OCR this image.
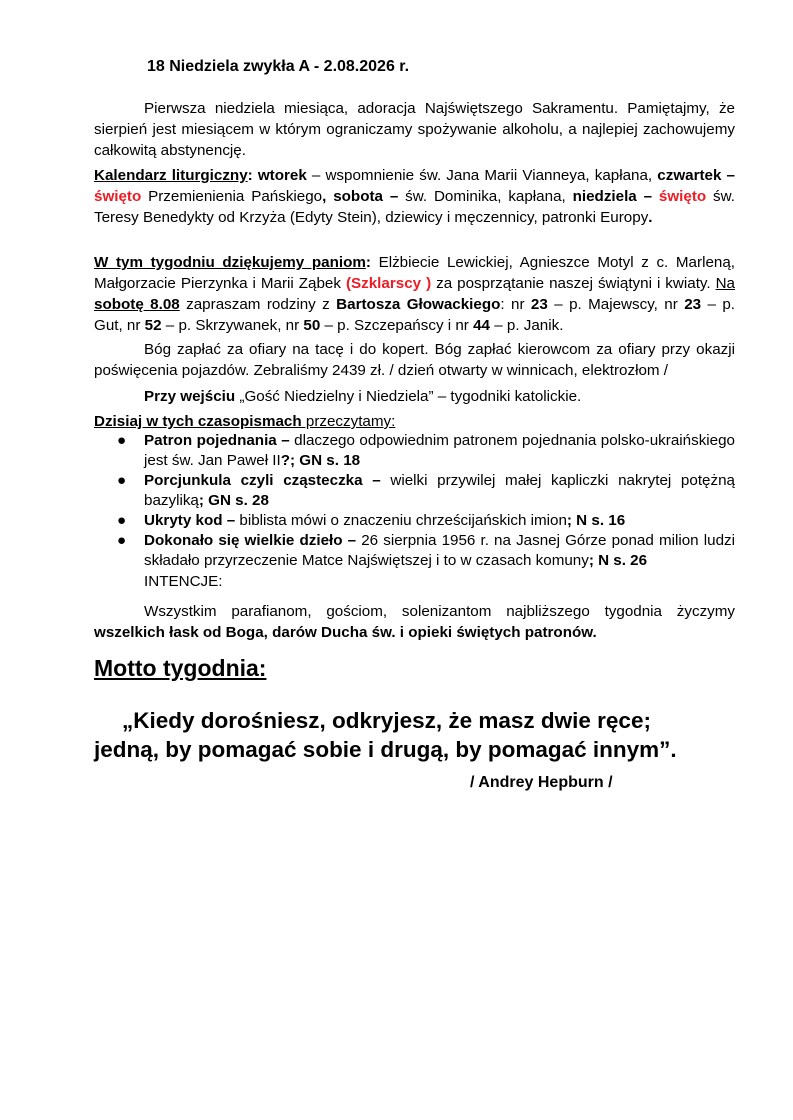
18 Niedziela zwykła A - 2.08.2026 r.

Pierwsza niedziela miesiąca, adoracja Najświętszego Sakramentu. Pamiętajmy, że sierpień jest miesiącem w którym ograniczamy spożywanie alkoholu, a najlepiej zachowujemy całkowitą abstynencję.

Kalendarz liturgiczny: wtorek – wspomnienie św. Jana Marii Vianneya, kapłana, czwartek – święto Przemienienia Pańskiego, sobota – św. Dominika, kapłana, niedziela – święto św. Teresy Benedykty od Krzyża (Edyty Stein), dziewicy i męczennicy, patronki Europy.

W tym tygodniu dziękujemy paniom: Elżbiecie Lewickiej, Agnieszce Motyl z c. Marleną, Małgorzacie Pierzynka i Marii Ząbek (Szklarscy ) za posprzątanie naszej świątyni i kwiaty. Na sobotę 8.08 zapraszam rodziny z Bartosza Głowackiego: nr 23 – p. Majewscy, nr 23 – p. Gut, nr 52 – p. Skrzywanek, nr 50 – p. Szczepańscy i nr 44 – p. Janik.

Bóg zapłać za ofiary na tacę i do kopert. Bóg zapłać kierowcom za ofiary przy okazji poświęcenia pojazdów. Zebraliśmy 2439 zł. / dzień otwarty w winnicach, elektrozłom /

Przy wejściu „Gość Niedzielny i Niedziela” – tygodniki katolickie.

Dzisiaj w tych czasopismach przeczytamy:

● Patron pojednania – dlaczego odpowiednim patronem pojednania polsko-ukraińskiego jest św. Jan Paweł II?; GN s. 18
● Porcjunkula czyli cząsteczka – wielki przywilej małej kapliczki nakrytej potężną bazyliką; GN s. 28
● Ukryty kod – biblista mówi o znaczeniu chrześcijańskich imion; N s. 16
● Dokonało się wielkie dzieło – 26 sierpnia 1956 r. na Jasnej Górze ponad milion ludzi składało przyrzeczenie Matce Najświętszej i to w czasach komuny; N s. 26

INTENCJE:

Wszystkim parafianom, gościom, solenizantom najbliższego tygodnia życzymy wszelkich łask od Boga, darów Ducha św. i opieki świętych patronów.

Motto tygodnia:
„Kiedy dorośniesz, odkryjesz, że masz dwie ręce;
jedną, by pomagać sobie i drugą, by pomagać innym”.
/ Andrey Hepburn /
